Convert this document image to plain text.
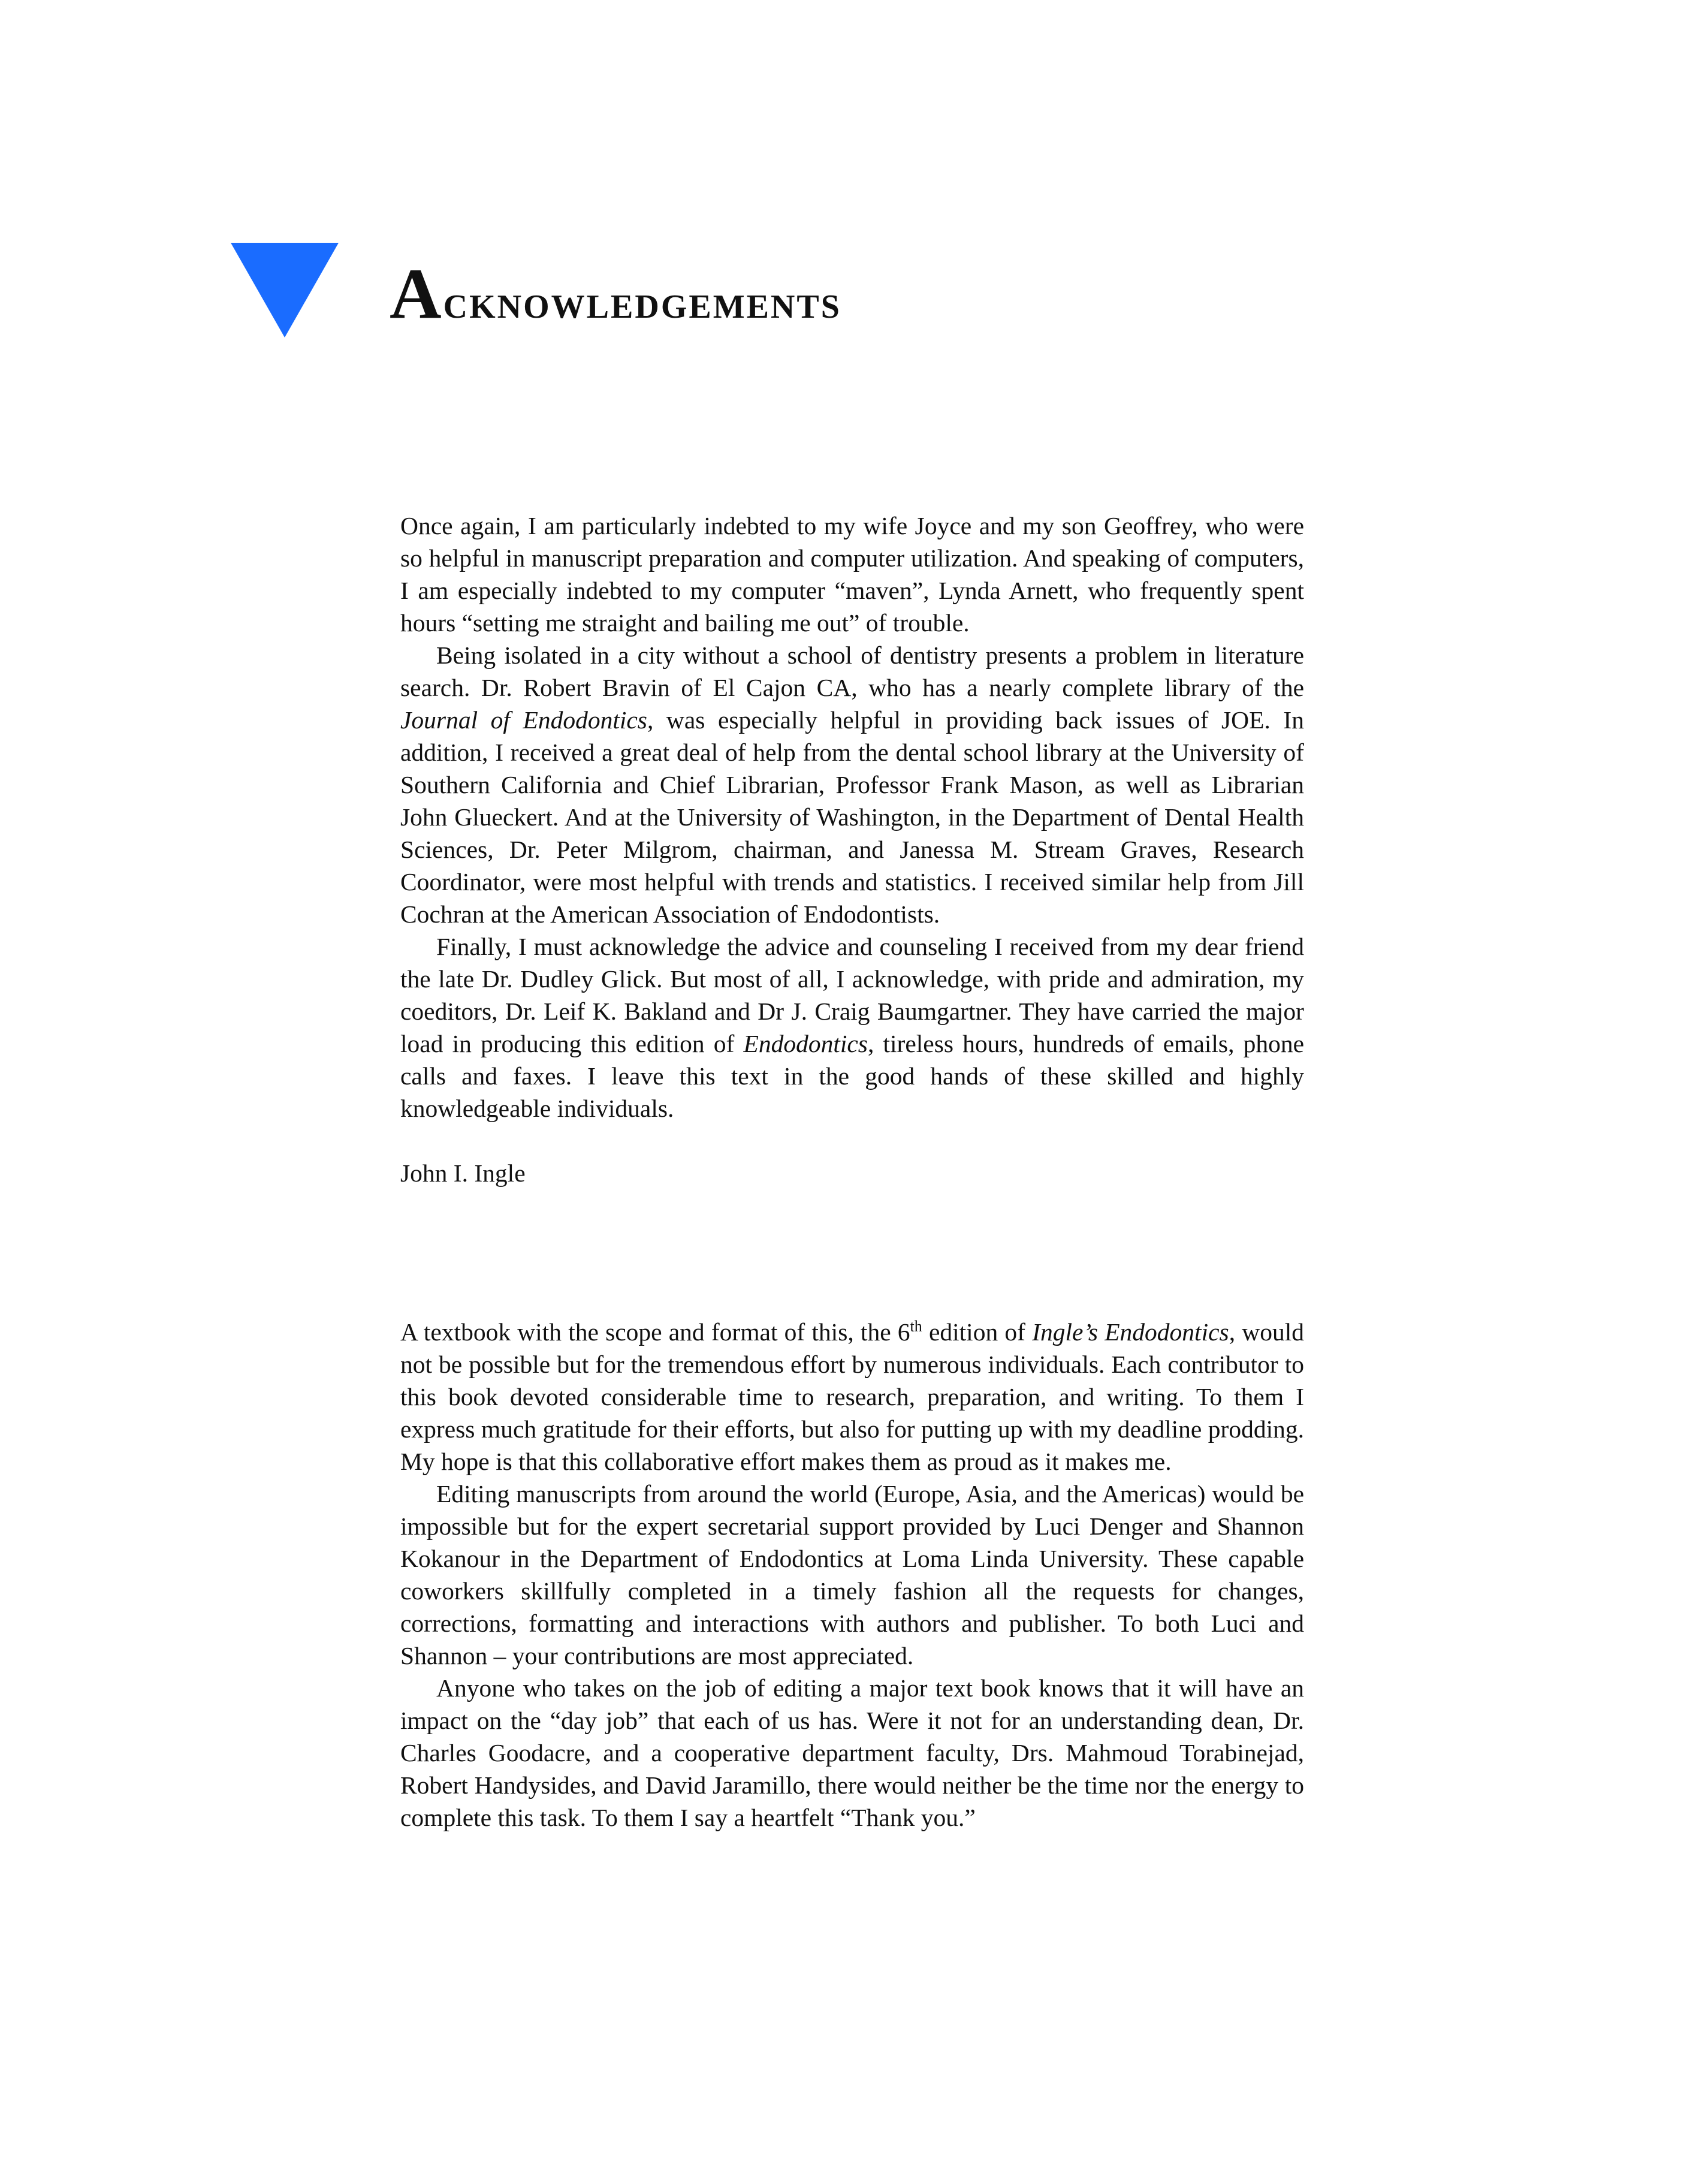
Acknowledgements

Once again, I am particularly indebted to my wife Joyce and my son Geoffrey, who were so helpful in manuscript preparation and computer utilization. And speaking of computers, I am especially indebted to my computer “maven”, Lynda Arnett, who frequently spent hours “setting me straight and bailing me out” of trouble.

Being isolated in a city without a school of dentistry presents a problem in literature search. Dr. Robert Bravin of El Cajon CA, who has a nearly complete library of the Journal of Endodontics, was especially helpful in providing back issues of JOE. In addition, I received a great deal of help from the dental school library at the University of Southern California and Chief Librarian, Professor Frank Mason, as well as Librarian John Glueckert. And at the University of Washington, in the Department of Dental Health Sciences, Dr. Peter Milgrom, chairman, and Janessa M. Stream Graves, Research Coordinator, were most helpful with trends and statistics. I received similar help from Jill Cochran at the American Association of Endodontists.

Finally, I must acknowledge the advice and counseling I received from my dear friend the late Dr. Dudley Glick. But most of all, I acknowledge, with pride and admiration, my coeditors, Dr. Leif K. Bakland and Dr J. Craig Baumgartner. They have carried the major load in producing this edition of Endodontics, tireless hours, hundreds of emails, phone calls and faxes. I leave this text in the good hands of these skilled and highly knowledgeable individuals.

John I. Ingle

A textbook with the scope and format of this, the 6th edition of Ingle’s Endodontics, would not be possible but for the tremendous effort by numerous individuals. Each contributor to this book devoted considerable time to research, preparation, and writing. To them I express much gratitude for their efforts, but also for putting up with my deadline prodding. My hope is that this collaborative effort makes them as proud as it makes me.

Editing manuscripts from around the world (Europe, Asia, and the Americas) would be impossible but for the expert secretarial support provided by Luci Denger and Shannon Kokanour in the Department of Endodontics at Loma Linda University. These capable coworkers skillfully completed in a timely fashion all the requests for changes, corrections, formatting and interactions with authors and publisher. To both Luci and Shannon – your contributions are most appreciated.

Anyone who takes on the job of editing a major text book knows that it will have an impact on the “day job” that each of us has. Were it not for an understanding dean, Dr. Charles Goodacre, and a cooperative department faculty, Drs. Mahmoud Torabinejad, Robert Handysides, and David Jaramillo, there would neither be the time nor the energy to complete this task. To them I say a heartfelt “Thank you.”
